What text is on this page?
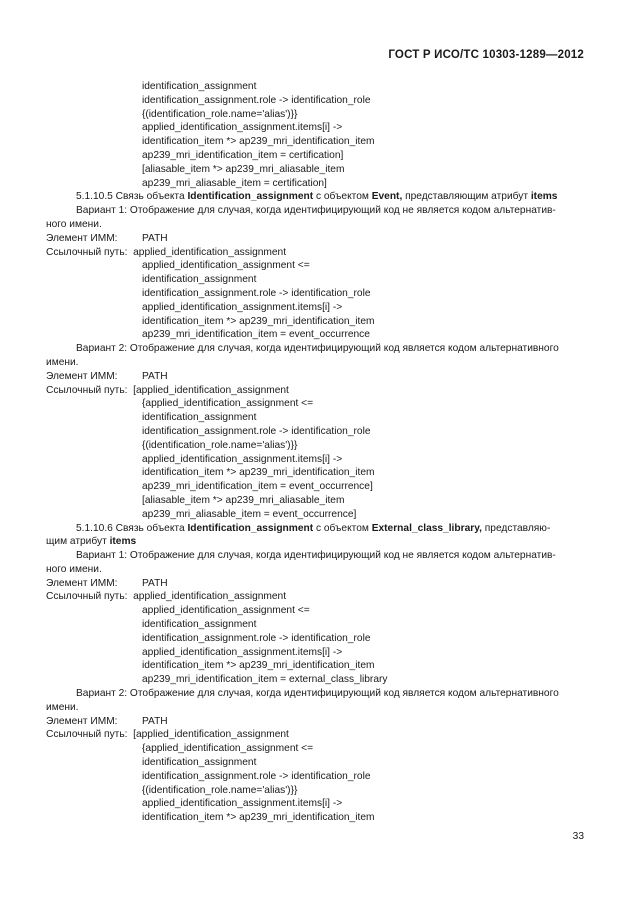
ГОСТ Р ИСО/ТС 10303-1289—2012
identification_assignment
identification_assignment.role -> identification_role
{(identification_role.name='alias')}}
applied_identification_assignment.items[i] ->
identification_item *> ap239_mri_identification_item
ap239_mri_identification_item = certification]
[aliasable_item *> ap239_mri_aliasable_item
ap239_mri_aliasable_item = certification]
5.1.10.5 Связь объекта Identification_assignment с объектом Event, представляющим атрибут items
Вариант 1: Отображение для случая, когда идентифицирующий код не является кодом альтернатив-
ного имени.
Элемент ИММ: PATH
Ссылочный путь: applied_identification_assignment
applied_identification_assignment <=
identification_assignment
identification_assignment.role -> identification_role
applied_identification_assignment.items[i] ->
identification_item *> ap239_mri_identification_item
ap239_mri_identification_item = event_occurrence
Вариант 2: Отображение для случая, когда идентифицирующий код является кодом альтернативного
имени.
Элемент ИММ: PATH
Ссылочный путь: [applied_identification_assignment
{applied_identification_assignment <=
identification_assignment
identification_assignment.role -> identification_role
{(identification_role.name='alias')}}
applied_identification_assignment.items[i] ->
identification_item *> ap239_mri_identification_item
ap239_mri_identification_item = event_occurrence]
[aliasable_item *> ap239_mri_aliasable_item
ap239_mri_aliasable_item = event_occurrence]
5.1.10.6 Связь объекта Identification_assignment с объектом External_class_library, представляю-
щим атрибут items
Вариант 1: Отображение для случая, когда идентифицирующий код не является кодом альтернатив-
ного имени.
Элемент ИММ: PATH
Ссылочный путь: applied_identification_assignment
applied_identification_assignment <=
identification_assignment
identification_assignment.role -> identification_role
applied_identification_assignment.items[i] ->
identification_item *> ap239_mri_identification_item
ap239_mri_identification_item = external_class_library
Вариант 2: Отображение для случая, когда идентифицирующий код является кодом альтернативного
имени.
Элемент ИММ: PATH
Ссылочный путь: [applied_identification_assignment
{applied_identification_assignment <=
identification_assignment
identification_assignment.role -> identification_role
{(identification_role.name='alias')}}
applied_identification_assignment.items[i] ->
identification_item *> ap239_mri_identification_item
33
